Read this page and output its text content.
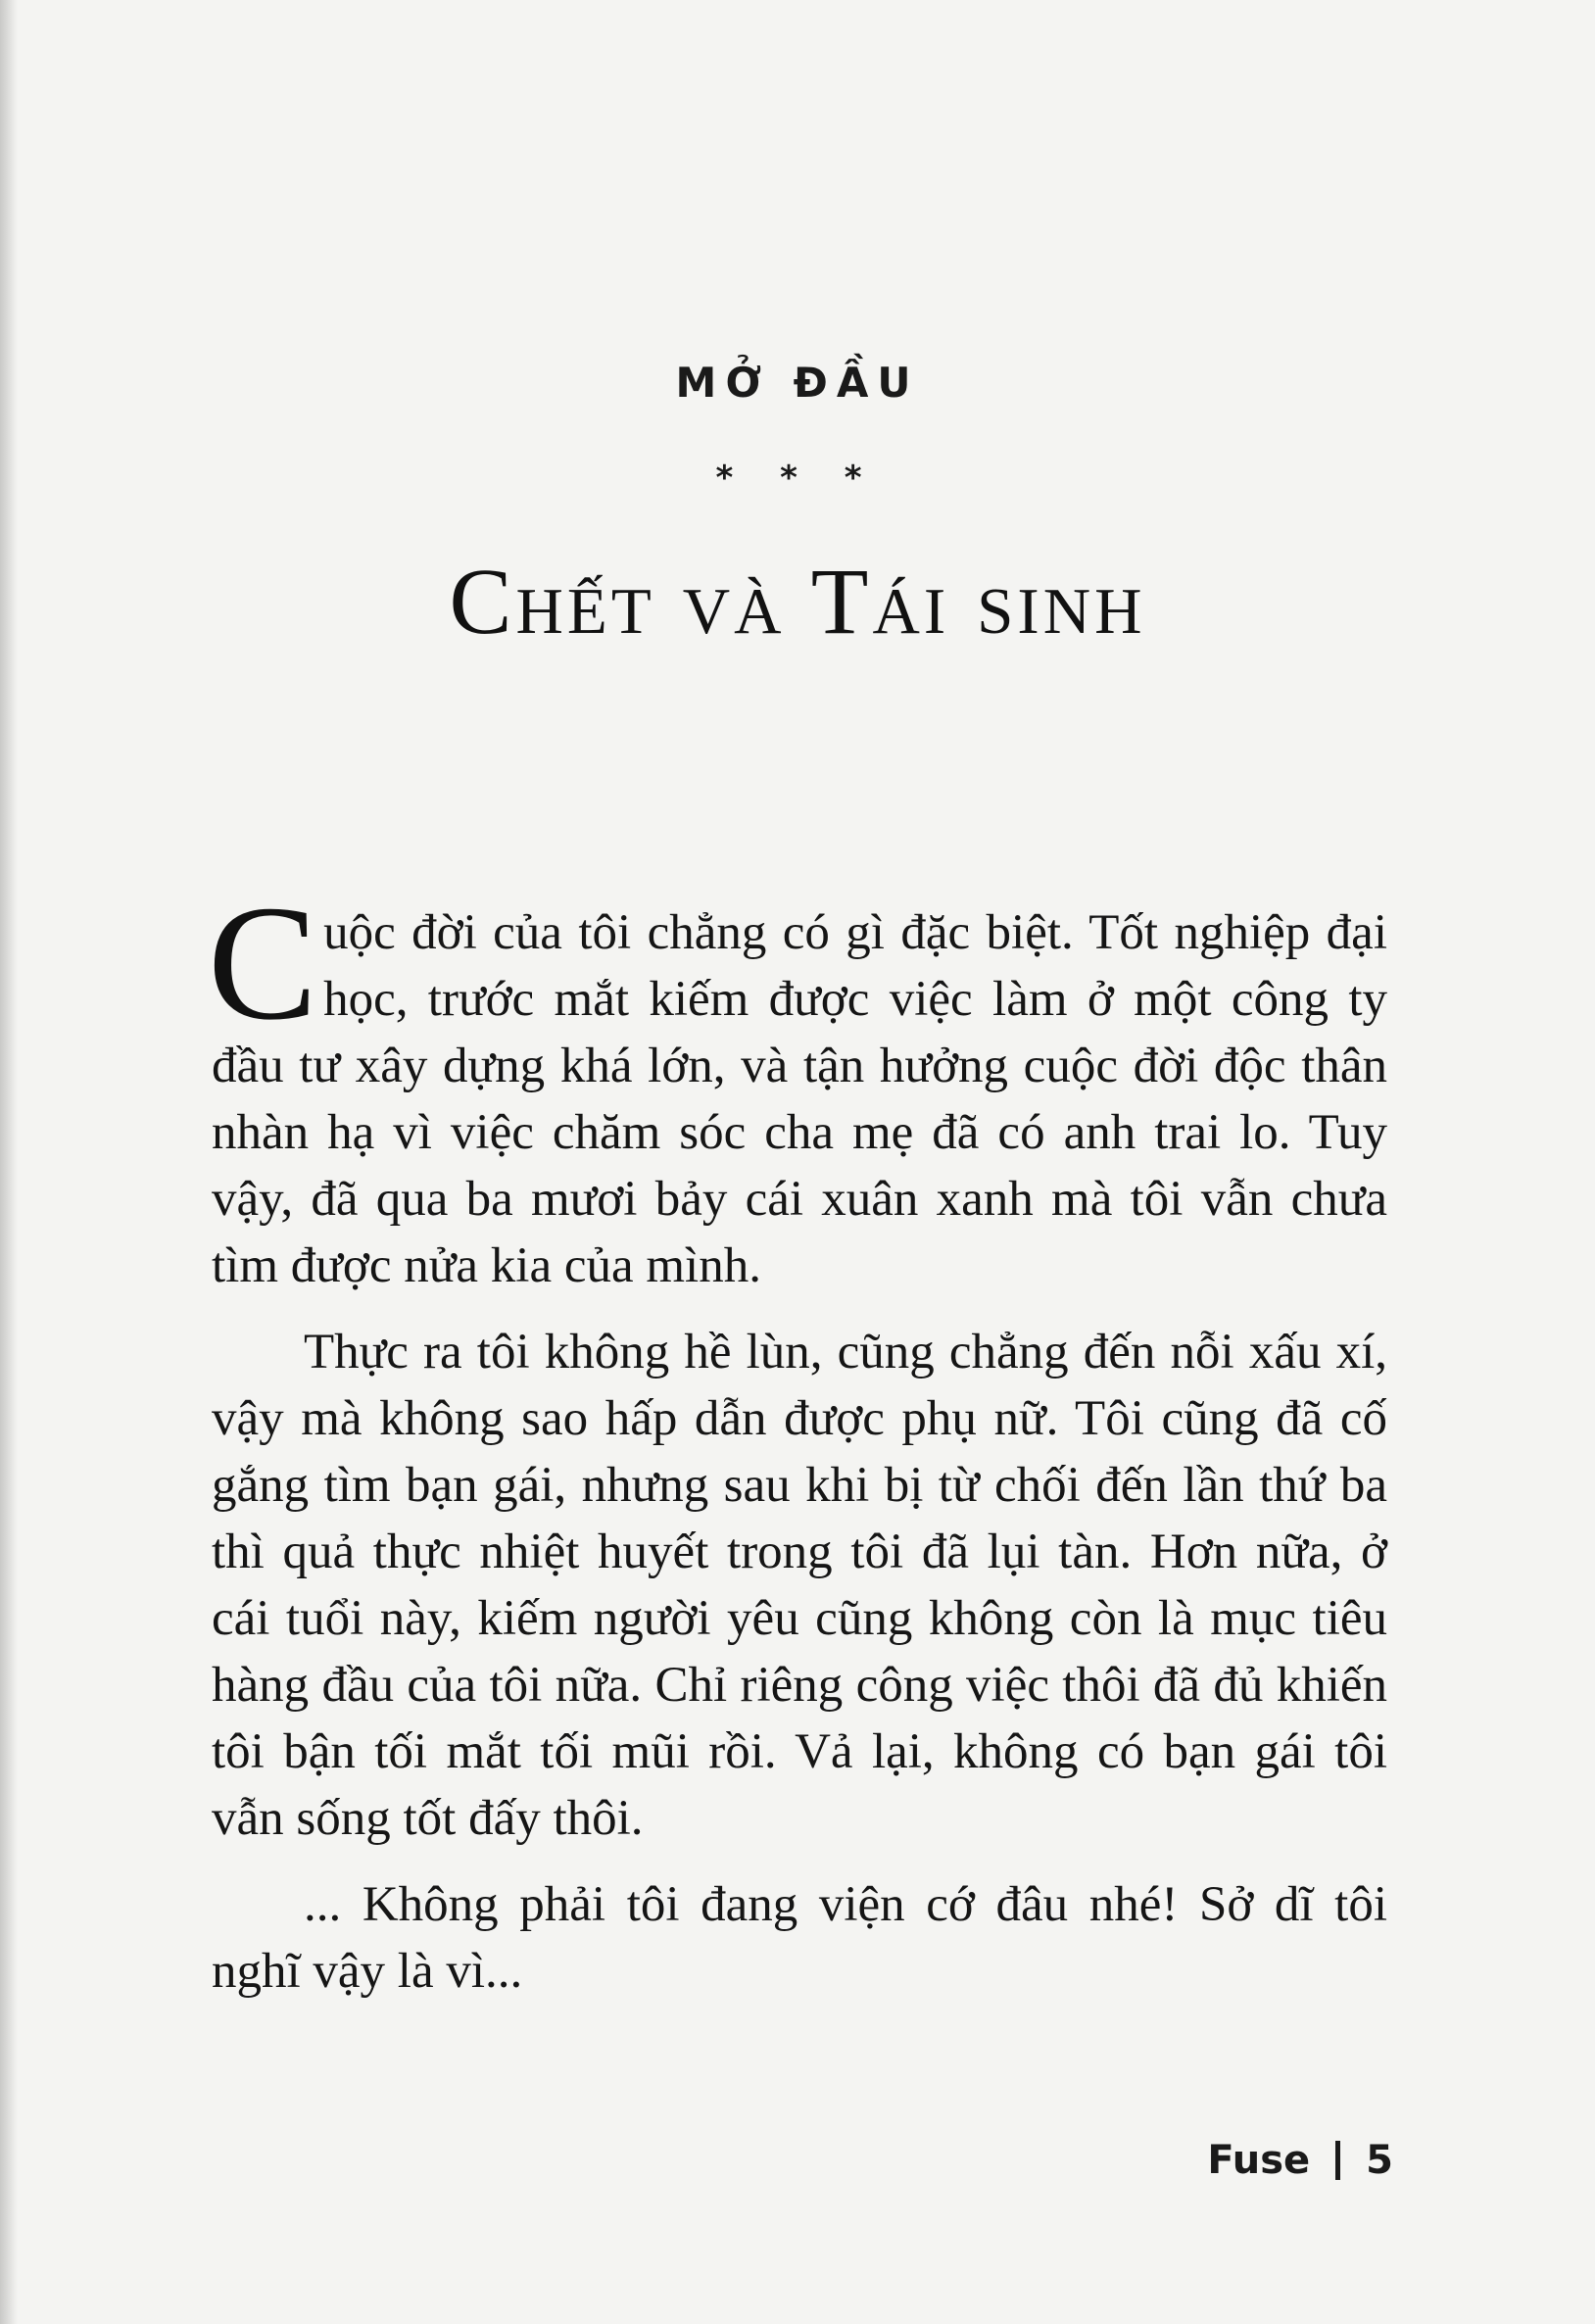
MỞ ĐẦU
* * *
Chết và Tái sinh

Cuộc đời của tôi chẳng có gì đặc biệt. Tốt nghiệp đại học, trước mắt kiếm được việc làm ở một công ty đầu tư xây dựng khá lớn, và tận hưởng cuộc đời độc thân nhàn hạ vì việc chăm sóc cha mẹ đã có anh trai lo. Tuy vậy, đã qua ba mươi bảy cái xuân xanh mà tôi vẫn chưa tìm được nửa kia của mình.

Thực ra tôi không hề lùn, cũng chẳng đến nỗi xấu xí, vậy mà không sao hấp dẫn được phụ nữ. Tôi cũng đã cố gắng tìm bạn gái, nhưng sau khi bị từ chối đến lần thứ ba thì quả thực nhiệt huyết trong tôi đã lụi tàn. Hơn nữa, ở cái tuổi này, kiếm người yêu cũng không còn là mục tiêu hàng đầu của tôi nữa. Chỉ riêng công việc thôi đã đủ khiến tôi bận tối mắt tối mũi rồi. Vả lại, không có bạn gái tôi vẫn sống tốt đấy thôi.

... Không phải tôi đang viện cớ đâu nhé! Sở dĩ tôi nghĩ vậy là vì...

Fuse 5
